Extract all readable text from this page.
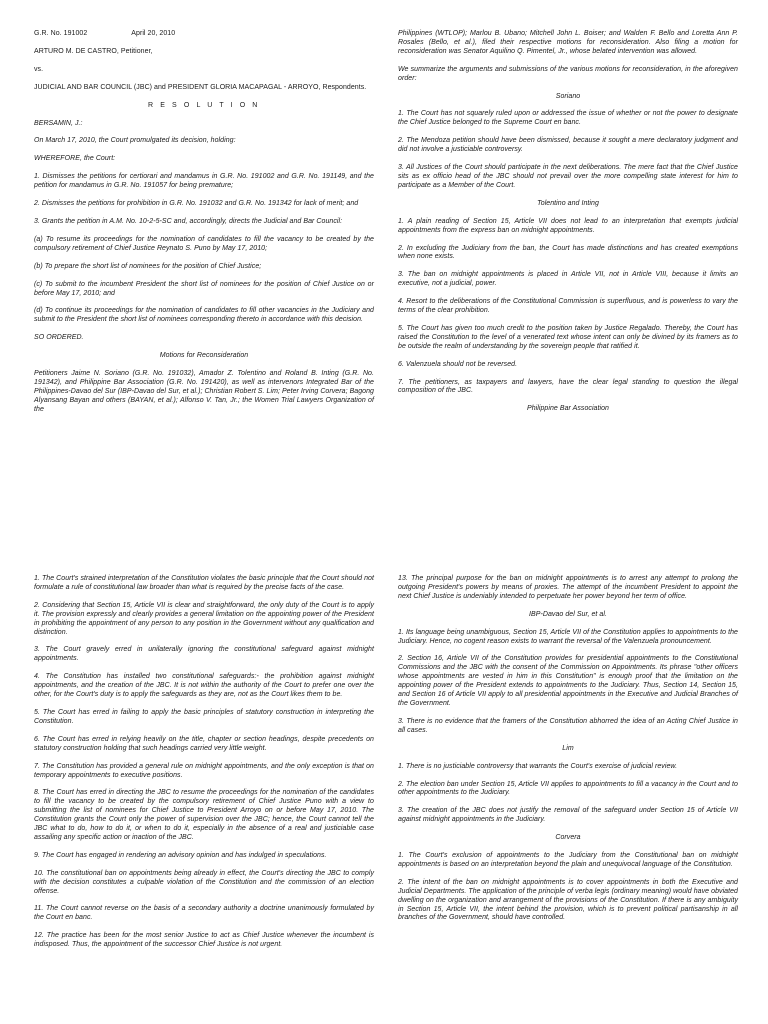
G.R. No. 191002	April 20, 2010

ARTURO M. DE CASTRO, Petitioner,

vs.

JUDICIAL AND BAR COUNCIL (JBC) and PRESIDENT GLORIA MACAPAGAL - ARROYO, Respondents.

R E S O L U T I O N

BERSAMIN, J.:

On March 17, 2010, the Court promulgated its decision, holding:

WHEREFORE, the Court:

1. Dismisses the petitions for certiorari and mandamus in G.R. No. 191002 and G.R. No. 191149, and the petition for mandamus in G.R. No. 191057 for being premature;

2. Dismisses the petitions for prohibition in G.R. No. 191032 and G.R. No. 191342 for lack of merit; and

3. Grants the petition in A.M. No. 10-2-5-SC and, accordingly, directs the Judicial and Bar Council:

(a) To resume its proceedings for the nomination of candidates to fill the vacancy to be created by the compulsory retirement of Chief Justice Reynato S. Puno by May 17, 2010;

(b) To prepare the short list of nominees for the position of Chief Justice;

(c) To submit to the incumbent President the short list of nominees for the position of Chief Justice on or before May 17, 2010; and

(d) To continue its proceedings for the nomination of candidates to fill other vacancies in the Judiciary and submit to the President the short list of nominees corresponding thereto in accordance with this decision.

SO ORDERED.

Motions for Reconsideration

Petitioners Jaime N. Soriano (G.R. No. 191032), Amador Z. Tolentino and Roland B. Inting (G.R. No. 191342), and Philippine Bar Association (G.R. No. 191420), as well as intervenors Integrated Bar of the Philippines-Davao del Sur (IBP-Davao del Sur, et al.); Christian Robert S. Lim; Peter Irving Corvera; Bagong Alyansang Bayan and others (BAYAN, et al.); Alfonso V. Tan, Jr.; the Women Trial Lawyers Organization of the

Philippines (WTLOP); Marlou B. Ubano; Mitchell John L. Boiser; and Walden F. Bello and Loretta Ann P. Rosales (Bello, et al.), filed their respective motions for reconsideration. Also filing a motion for reconsideration was Senator Aquilino Q. Pimentel, Jr., whose belated intervention was allowed.

We summarize the arguments and submissions of the various motions for reconsideration, in the aforegiven order:

Soriano

1. The Court has not squarely ruled upon or addressed the issue of whether or not the power to designate the Chief Justice belonged to the Supreme Court en banc.

2. The Mendoza petition should have been dismissed, because it sought a mere declaratory judgment and did not involve a justiciable controversy.

3. All Justices of the Court should participate in the next deliberations. The mere fact that the Chief Justice sits as ex officio head of the JBC should not prevail over the more compelling state interest for him to participate as a Member of the Court.

Tolentino and Inting

1. A plain reading of Section 15, Article VII does not lead to an interpretation that exempts judicial appointments from the express ban on midnight appointments.

2. In excluding the Judiciary from the ban, the Court has made distinctions and has created exemptions when none exists.

3. The ban on midnight appointments is placed in Article VII, not in Article VIII, because it limits an executive, not a judicial, power.

4. Resort to the deliberations of the Constitutional Commission is superfluous, and is powerless to vary the terms of the clear prohibition.

5. The Court has given too much credit to the position taken by Justice Regalado. Thereby, the Court has raised the Constitution to the level of a venerated text whose intent can only be divined by its framers as to be outside the realm of understanding by the sovereign people that ratified it.

6. Valenzuela should not be reversed.

7. The petitioners, as taxpayers and lawyers, have the clear legal standing to question the illegal composition of the JBC.

Philippine Bar Association

1. The Court's strained interpretation of the Constitution violates the basic principle that the Court should not formulate a rule of constitutional law broader than what is required by the precise facts of the case.

2. Considering that Section 15, Article VII is clear and straightforward, the only duty of the Court is to apply it. The provision expressly and clearly provides a general limitation on the appointing power of the President in prohibiting the appointment of any person to any position in the Government without any qualification and distinction.

3. The Court gravely erred in unilaterally ignoring the constitutional safeguard against midnight appointments.

4. The Constitution has installed two constitutional safeguards:- the prohibition against midnight appointments, and the creation of the JBC. It is not within the authority of the Court to prefer one over the other, for the Court's duty is to apply the safeguards as they are, not as the Court likes them to be.

5. The Court has erred in failing to apply the basic principles of statutory construction in interpreting the Constitution.

6. The Court has erred in relying heavily on the title, chapter or section headings, despite precedents on statutory construction holding that such headings carried very little weight.

7. The Constitution has provided a general rule on midnight appointments, and the only exception is that on temporary appointments to executive positions.

8. The Court has erred in directing the JBC to resume the proceedings for the nomination of the candidates to fill the vacancy to be created by the compulsory retirement of Chief Justice Puno with a view to submitting the list of nominees for Chief Justice to President Arroyo on or before May 17, 2010. The Constitution grants the Court only the power of supervision over the JBC; hence, the Court cannot tell the JBC what to do, how to do it, or when to do it, especially in the absence of a real and justiciable case assailing any specific action or inaction of the JBC.

9. The Court has engaged in rendering an advisory opinion and has indulged in speculations.

10. The constitutional ban on appointments being already in effect, the Court's directing the JBC to comply with the decision constitutes a culpable violation of the Constitution and the commission of an election offense.

11. The Court cannot reverse on the basis of a secondary authority a doctrine unanimously formulated by the Court en banc.

12. The practice has been for the most senior Justice to act as Chief Justice whenever the incumbent is indisposed. Thus, the appointment of the successor Chief Justice is not urgent.

13. The principal purpose for the ban on midnight appointments is to arrest any attempt to prolong the outgoing President's powers by means of proxies. The attempt of the incumbent President to appoint the next Chief Justice is undeniably intended to perpetuate her power beyond her term of office.

IBP-Davao del Sur, et al.

1. Its language being unambiguous, Section 15, Article VII of the Constitution applies to appointments to the Judiciary. Hence, no cogent reason exists to warrant the reversal of the Valenzuela pronouncement.

2. Section 16, Article VII of the Constitution provides for presidential appointments to the Constitutional Commissions and the JBC with the consent of the Commission on Appointments. Its phrase "other officers whose appointments are vested in him in this Constitution" is enough proof that the limitation on the appointing power of the President extends to appointments to the Judiciary. Thus, Section 14, Section 15, and Section 16 of Article VII apply to all presidential appointments in the Executive and Judicial Branches of the Government.

3. There is no evidence that the framers of the Constitution abhorred the idea of an Acting Chief Justice in all cases.

Lim

1. There is no justiciable controversy that warrants the Court's exercise of judicial review.

2. The election ban under Section 15, Article VII applies to appointments to fill a vacancy in the Court and to other appointments to the Judiciary.

3. The creation of the JBC does not justify the removal of the safeguard under Section 15 of Article VII against midnight appointments in the Judiciary.

Corvera

1. The Court's exclusion of appointments to the Judiciary from the Constitutional ban on midnight appointments is based on an interpretation beyond the plain and unequivocal language of the Constitution.

2. The intent of the ban on midnight appointments is to cover appointments in both the Executive and Judicial Departments. The application of the principle of verba legis (ordinary meaning) would have obviated dwelling on the organization and arrangement of the provisions of the Constitution. If there is any ambiguity in Section 15, Article VII, the intent behind the provision, which is to prevent political partisanship in all branches of the Government, should have controlled.
